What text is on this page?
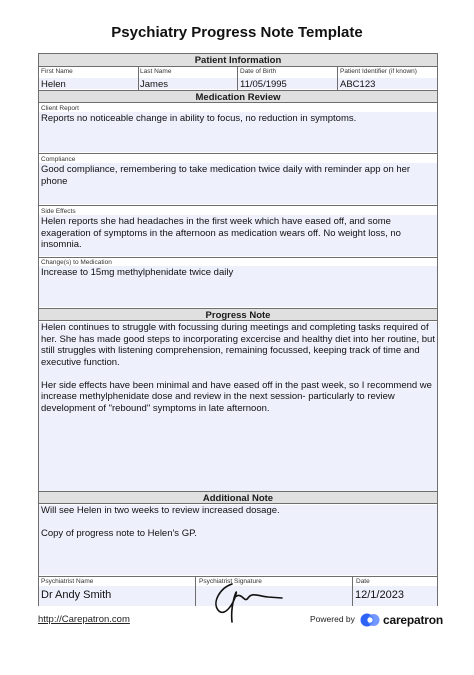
Psychiatry Progress Note Template
Patient Information
First Name
Helen
Last Name
James
Date of Birth
11/05/1995
Patient Identifier (if known)
ABC123
Medication Review
Client Report
Reports no noticeable change in ability to focus, no reduction in symptoms.
Compliance
Good compliance, remembering to take medication twice daily with reminder app on her phone
Side Effects
Helen reports she had headaches in the first week which have eased off, and some exageration of symptoms in the afternoon as medication wears off. No weight loss, no insomnia.
Change(s) to Medication
Increase to 15mg methylphenidate twice daily
Progress Note

Helen continues to struggle with focussing during meetings and completing tasks required of her. She has made good steps to incorporating excercise and healthy diet into her routine, but still struggles with listening comprehension, remaining focussed, keeping track of time and executive function.

Her side effects have been minimal and have eased off in the past week, so I recommend we increase methylphenidate dose and review in the next session- particularly to review development of "rebound" symptoms in late afternoon.

Additional Note

Will see Helen in two weeks to review increased dosage.

Copy of progress note to Helen's GP.

Psychiatrist Name
Dr Andy Smith
Psychiatrist Signature	Date
12/1/2023
http://Carepatron.com	Powered by carepatron
